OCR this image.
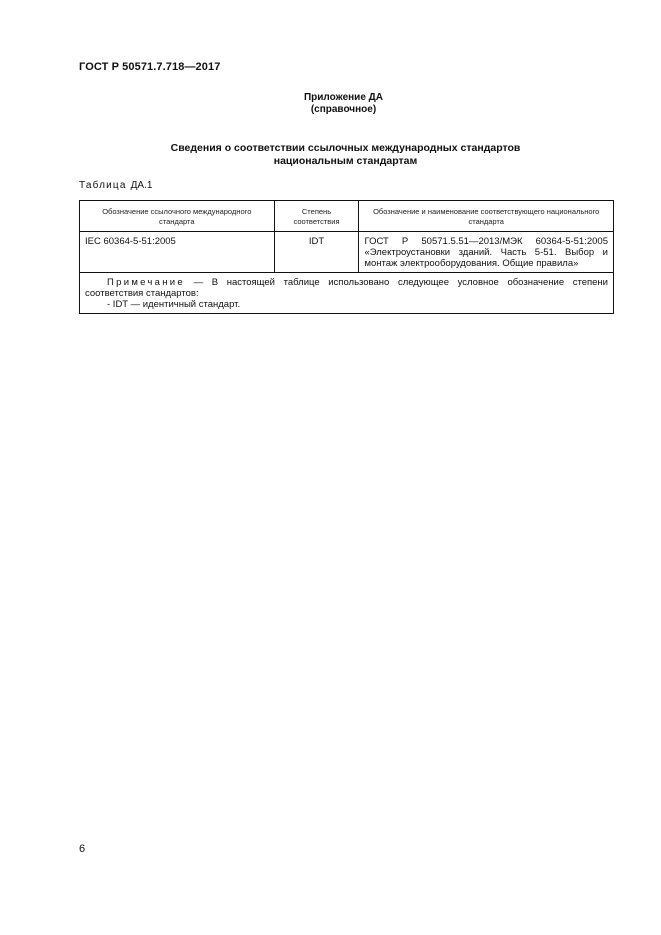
ГОСТ Р 50571.7.718—2017
Приложение ДА
(справочное)
Сведения о соответствии ссылочных международных стандартов
национальным стандартам
Таблица ДА.1
Обозначение ссылочного международного стандарта	Степень соответствия	Обозначение и наименование соответствующего национального стандарта
IEC 60364-5-51:2005	IDT	ГОСТ Р 50571.5.51—2013/МЭК 60364-5-51:2005 «Электроустановки зданий. Часть 5-51. Выбор и монтаж электрооборудования. Общие правила»

Примечание — В настоящей таблице использовано следующее условное обозначение степени соответствия стандартов:
- IDT — идентичный стандарт.		
6
